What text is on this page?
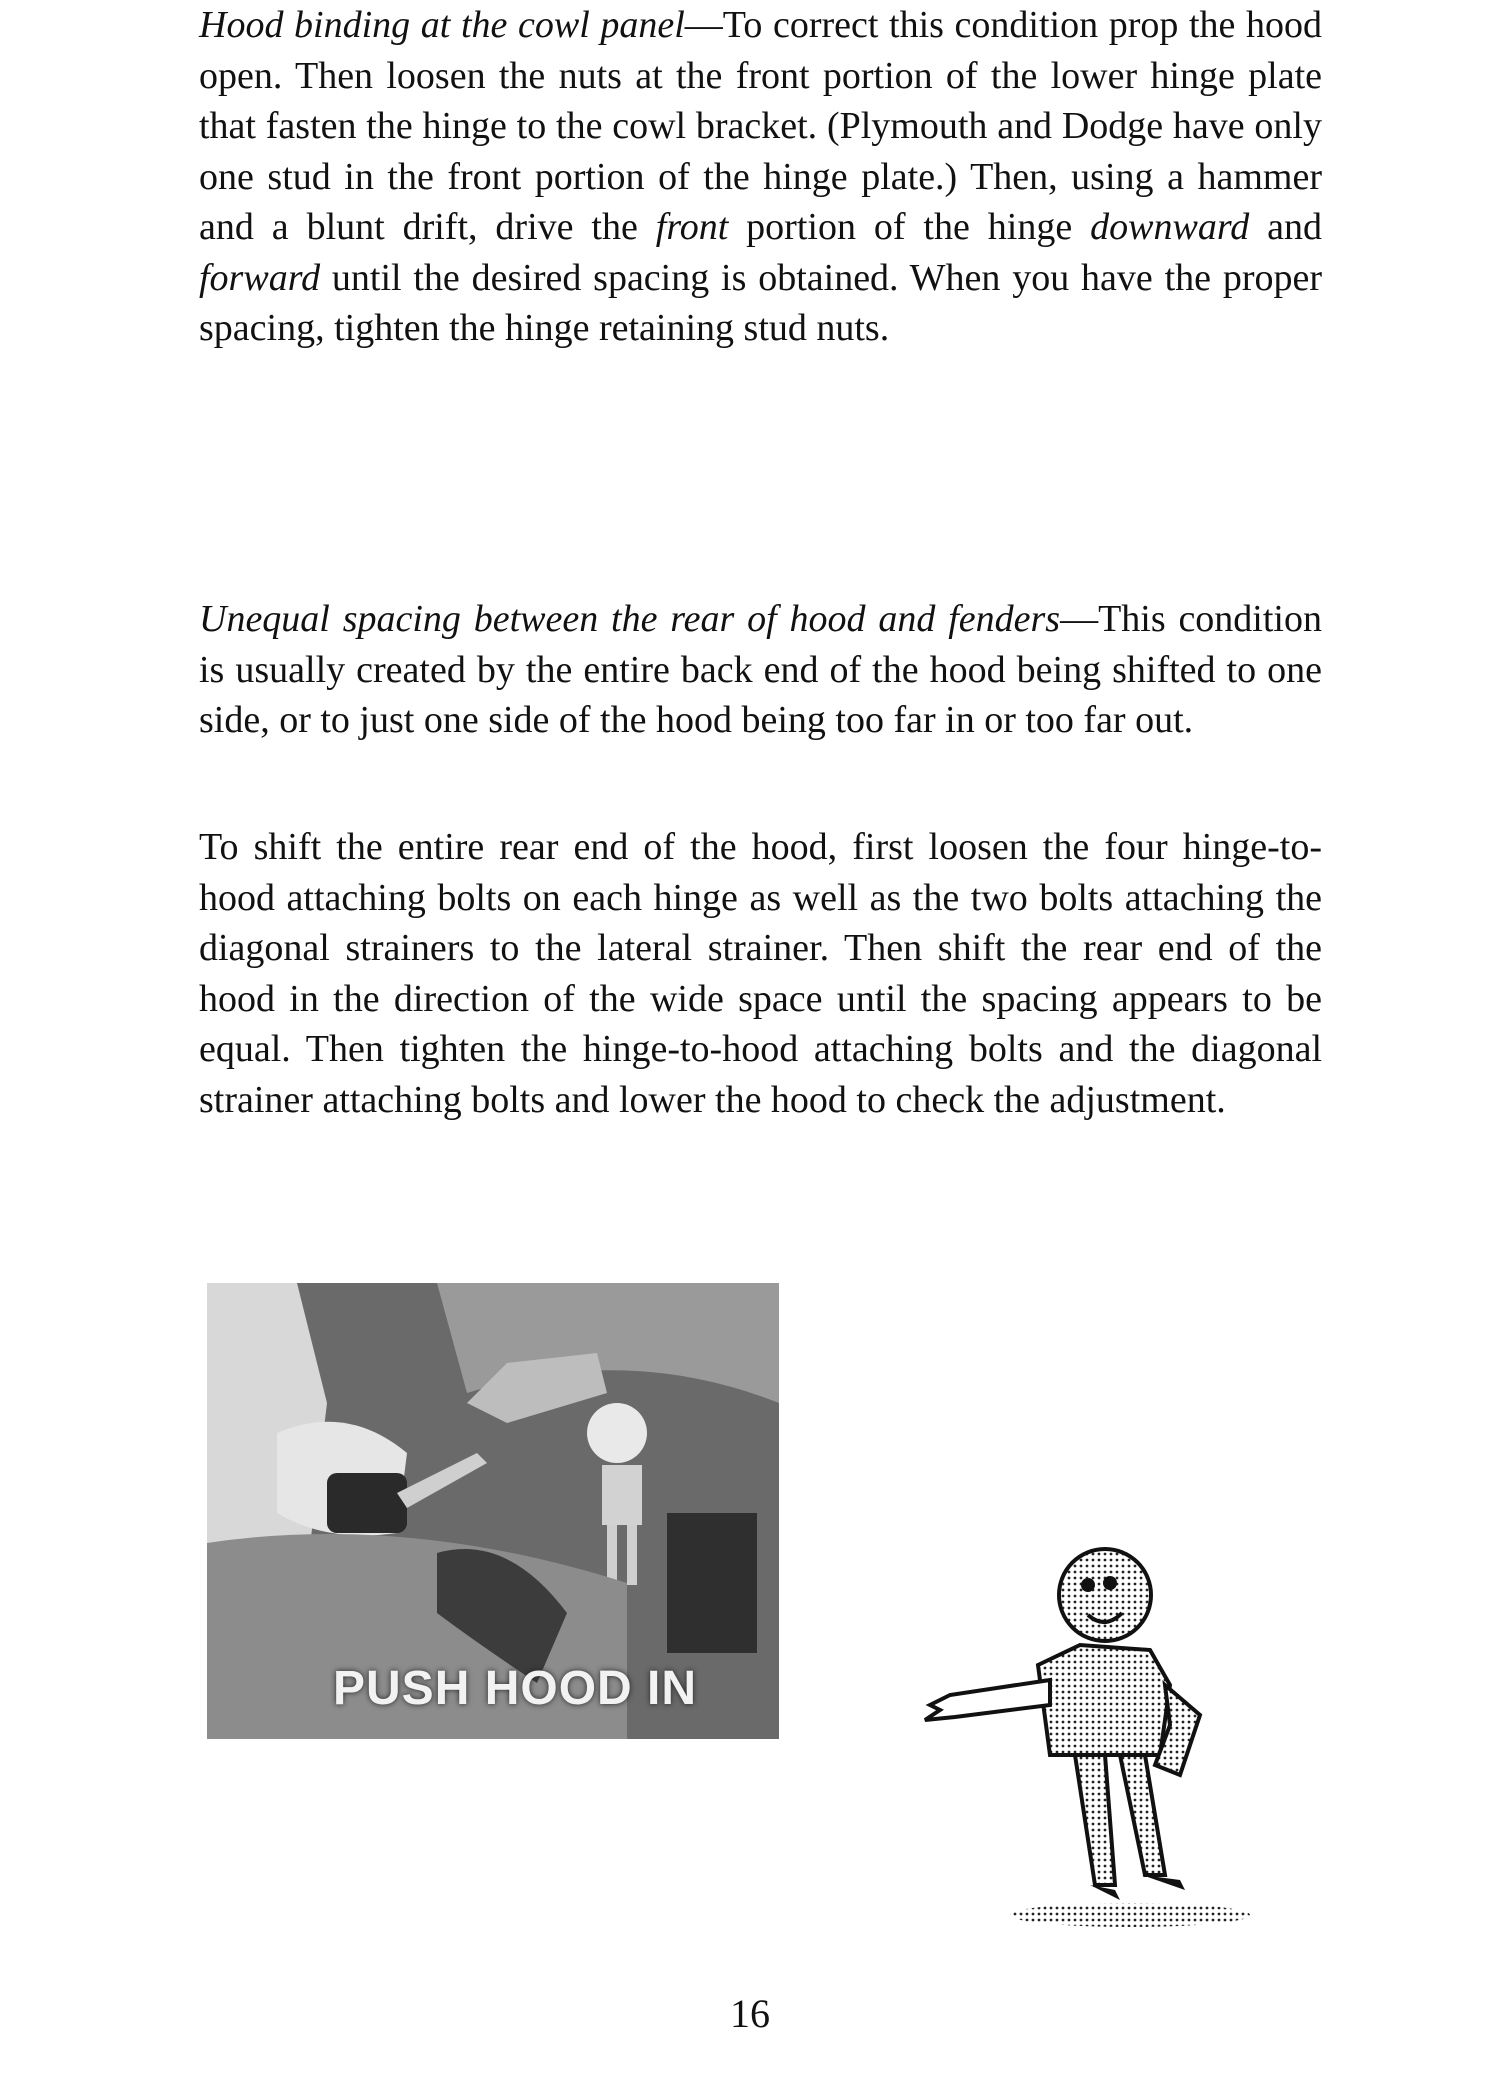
Hood binding at the cowl panel—To correct this condition prop the hood open. Then loosen the nuts at the front portion of the lower hinge plate that fasten the hinge to the cowl bracket. (Plymouth and Dodge have only one stud in the front portion of the hinge plate.) Then, using a hammer and a blunt drift, drive the front portion of the hinge downward and forward until the desired spacing is obtained. When you have the proper spacing, tighten the hinge retaining stud nuts.

Unequal spacing between the rear of hood and fenders—This condition is usually created by the entire back end of the hood being shifted to one side, or to just one side of the hood being too far in or too far out.

To shift the entire rear end of the hood, first loosen the four hinge-to-hood attaching bolts on each hinge as well as the two bolts attaching the diagonal strainers to the lateral strainer. Then shift the rear end of the hood in the direction of the wide space until the spacing appears to be equal. Then tighten the hinge-to-hood attaching bolts and the diagonal strainer attaching bolts and lower the hood to check the adjustment.

PUSH HOOD IN
16
